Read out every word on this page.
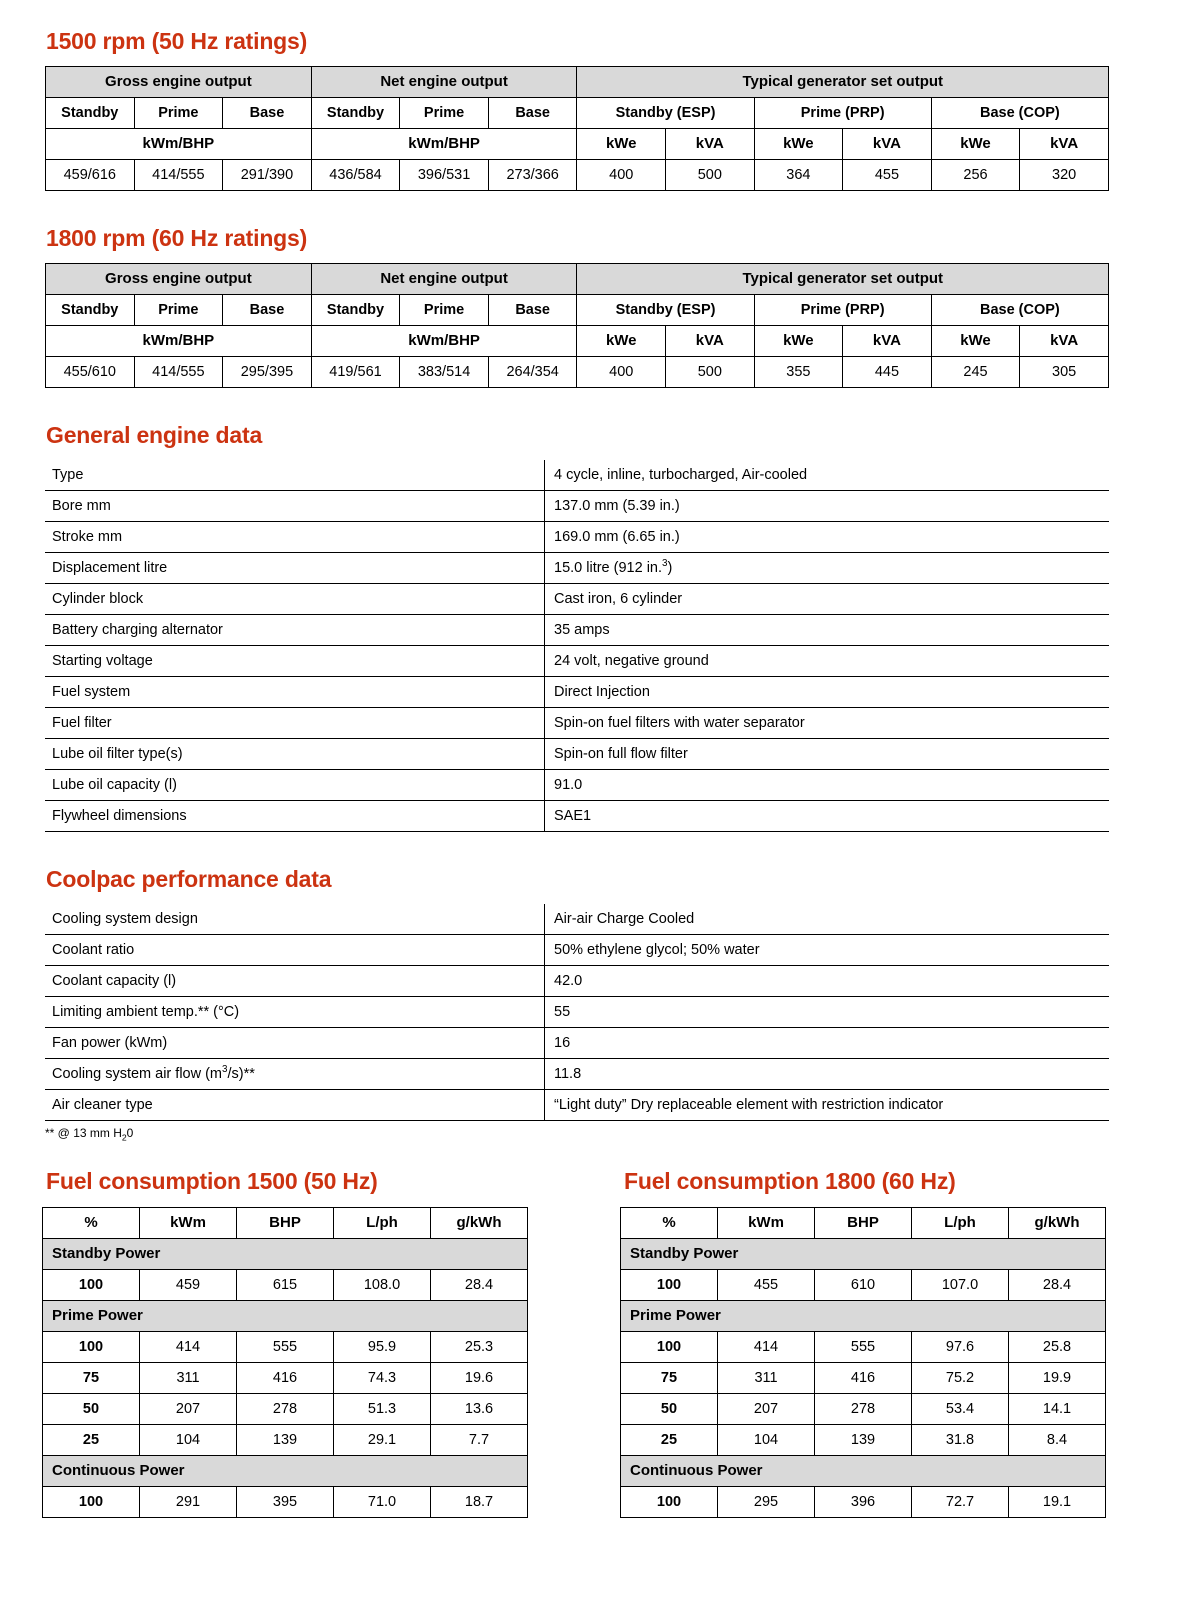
1500 rpm (50 Hz ratings)
Gross engine output			Net engine output			Typical generator set output					
Standby	Prime	Base	Standby	Prime	Base	Standby (ESP)		Prime (PRP)		Base (COP)	
kWm/BHP			kWm/BHP			kWe	kVA	kWe	kVA	kWe	kVA
459/616	414/555	291/390	436/584	396/531	273/366	400	500	364	455	256	320
1800 rpm (60 Hz ratings)
Gross engine output			Net engine output			Typical generator set output					
Standby	Prime	Base	Standby	Prime	Base	Standby (ESP)		Prime (PRP)		Base (COP)	
kWm/BHP			kWm/BHP			kWe	kVA	kWe	kVA	kWe	kVA
455/610	414/555	295/395	419/561	383/514	264/354	400	500	355	445	245	305
General engine data
Type	4 cycle, inline, turbocharged, Air-cooled
Bore mm	137.0 mm (5.39 in.)
Stroke mm	169.0 mm (6.65 in.)
Displacement litre	15.0 litre (912 in.$^3$)
Cylinder block	Cast iron, 6 cylinder
Battery charging alternator	35 amps
Starting voltage	24 volt, negative ground
Fuel system	Direct Injection
Fuel filter	Spin-on fuel filters with water separator
Lube oil filter type(s)	Spin-on full flow filter
Lube oil capacity (l)	91.0
Flywheel dimensions	SAE1
Coolpac performance data
Cooling system design	Air-air Charge Cooled
Coolant ratio	50% ethylene glycol; 50% water
Coolant capacity (l)	42.0
Limiting ambient temp.** (°C)	55
Fan power (kWm)	16
Cooling system air flow $(m^3/s)**$	11.8
Air cleaner type	“Light duty” Dry replaceable element with restriction indicator
** @ 13 mm $H_20$
Fuel consumption 1500 (50 Hz)
%	kWm	BHP	L/ph	g/kWh
Standby Power				
100	459	615	108.0	28.4
Prime Power				
100	414	555	95.9	25.3
75	311	416	74.3	19.6
50	207	278	51.3	13.6
25	104	139	29.1	7.7
Continuous Power				
100	291	395	71.0	18.7
Fuel consumption 1800 (60 Hz)
%	kWm	BHP	L/ph	g/kWh
Standby Power				
100	455	610	107.0	28.4
Prime Power				
100	414	555	97.6	25.8
75	311	416	75.2	19.9
50	207	278	53.4	14.1
25	104	139	31.8	8.4
Continuous Power				
100	295	396	72.7	19.1
